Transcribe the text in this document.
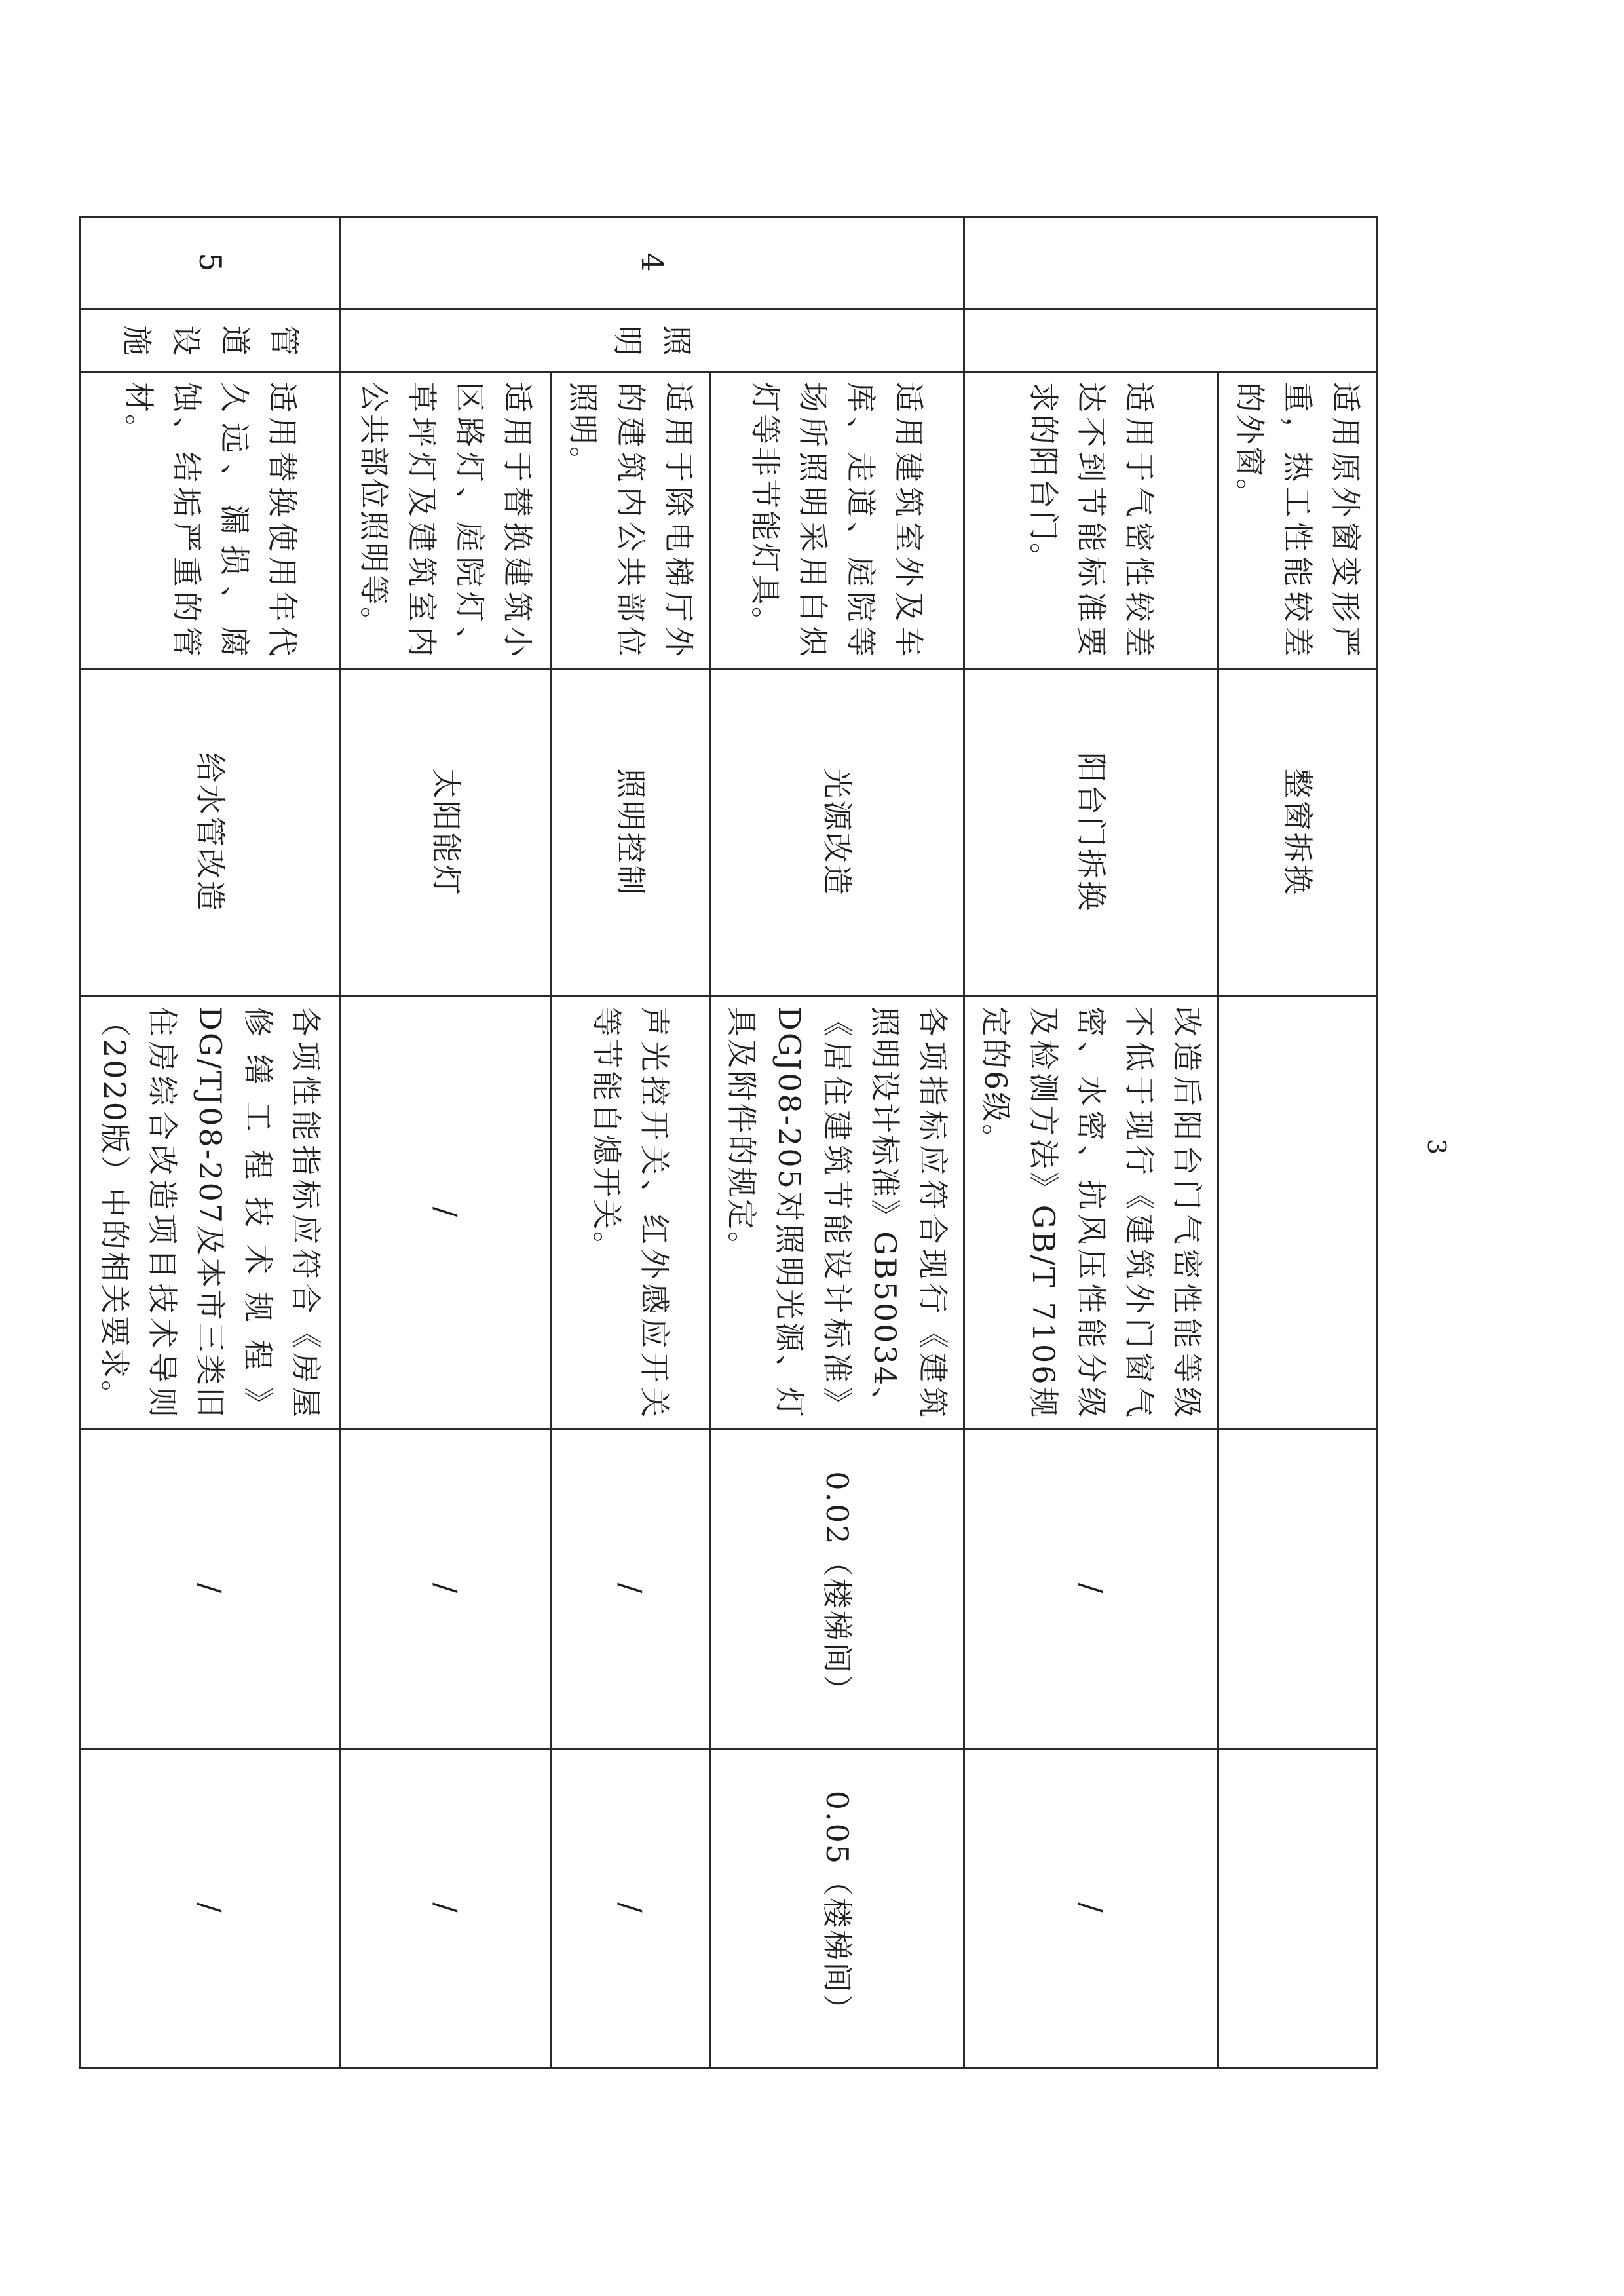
		适用原外窗变形严重，热工性能较差的外窗。	整窗拆换			
		适用于气密性较差达不到节能标准要求的阳台门。	阳台门拆换	改造后阳台门气密性能等级不低于现行《建筑外门窗气密、水密、抗风压性能分级及检测方法》GB/T 7106规定的6级。	/	/
4	照明	适用建筑室外及车库、走道、庭院等场所照明采用白炽灯等非节能灯具。	光源改造	各项指标应符合现行《建筑照明设计标准》GB50034、《居住建筑节能设计标准》DGJ08-205对照明光源、灯具及附件的规定。	0.02（楼梯间）	0.05（楼梯间）
		适用于除电梯厅外的建筑内公共部位照明。	照明控制	声光控开关、红外感应开关等节能自熄开关。	/	/
		适用于替换建筑小区路灯、庭院灯、草坪灯及建筑室内公共部位照明等。	太阳能灯	/	/	/
5	管道设施	适用替换使用年代久远、漏损、腐蚀、结垢严重的管材。	给水管改造	各项性能指标应符合《房屋修缮工程技术规程》DG/TJ08-207及本市三类旧住房综合改造项目技术导则（2020版）中的相关要求。	/	/
3
